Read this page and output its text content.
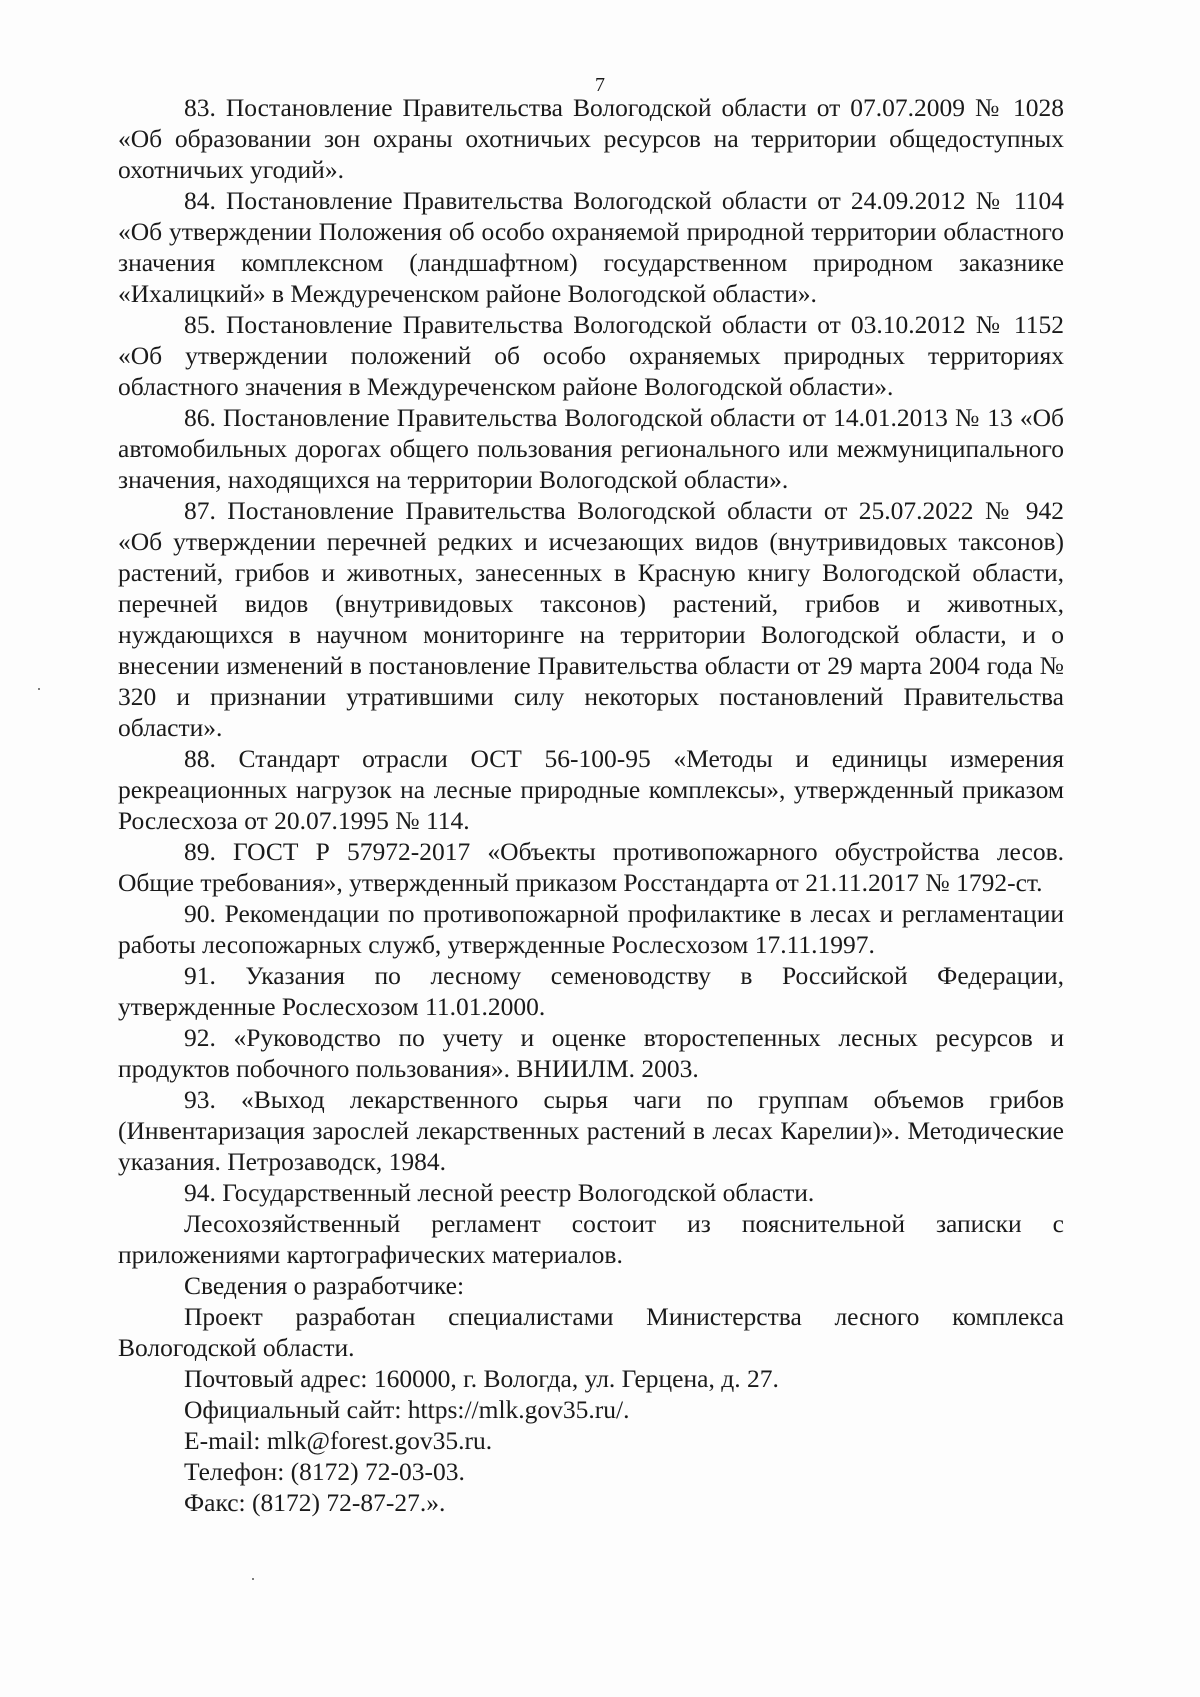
7

83. Постановление Правительства Вологодской области от 07.07.2009 № 1028 «Об образовании зон охраны охотничьих ресурсов на территории общедоступных охотничьих угодий».

84. Постановление Правительства Вологодской области от 24.09.2012 № 1104 «Об утверждении Положения об особо охраняемой природной территории областного значения комплексном (ландшафтном) государственном природном заказнике «Ихалицкий» в Междуреченском районе Вологодской области».

85. Постановление Правительства Вологодской области от 03.10.2012 № 1152 «Об утверждении положений об особо охраняемых природных территориях областного значения в Междуреченском районе Вологодской области».

86. Постановление Правительства Вологодской области от 14.01.2013 № 13 «Об автомобильных дорогах общего пользования регионального или межмуниципального значения, находящихся на территории Вологодской области».

87. Постановление Правительства Вологодской области от 25.07.2022 № 942 «Об утверждении перечней редких и исчезающих видов (внутривидовых таксонов) растений, грибов и животных, занесенных в Красную книгу Вологодской области, перечней видов (внутривидовых таксонов) растений, грибов и животных, нуждающихся в научном мониторинге на территории Вологодской области, и о внесении изменений в постановление Правительства области от 29 марта 2004 года № 320 и признании утратившими силу некоторых постановлений Правительства области».

88. Стандарт отрасли ОСТ 56-100-95 «Методы и единицы измерения рекреационных нагрузок на лесные природные комплексы», утвержденный приказом Рослесхоза от 20.07.1995 № 114.

89. ГОСТ Р 57972-2017 «Объекты противопожарного обустройства лесов. Общие требования», утвержденный приказом Росстандарта от 21.11.2017 № 1792-ст.

90. Рекомендации по противопожарной профилактике в лесах и регламентации работы лесопожарных служб, утвержденные Рослесхозом 17.11.1997.

91. Указания по лесному семеноводству в Российской Федерации, утвержденные Рослесхозом 11.01.2000.

92. «Руководство по учету и оценке второстепенных лесных ресурсов и продуктов побочного пользования». ВНИИЛМ. 2003.

93. «Выход лекарственного сырья чаги по группам объемов грибов (Инвентаризация зарослей лекарственных растений в лесах Карелии)». Методические указания. Петрозаводск, 1984.

94. Государственный лесной реестр Вологодской области.

Лесохозяйственный регламент состоит из пояснительной записки с приложениями картографических материалов.

Сведения о разработчике:

Проект разработан специалистами Министерства лесного комплекса Вологодской области.

Почтовый адрес: 160000, г. Вологда, ул. Герцена, д. 27.

Официальный сайт: https://mlk.gov35.ru/.

E-mail: mlk@forest.gov35.ru.

Телефон: (8172) 72-03-03.

Факс: (8172) 72-87-27.».
